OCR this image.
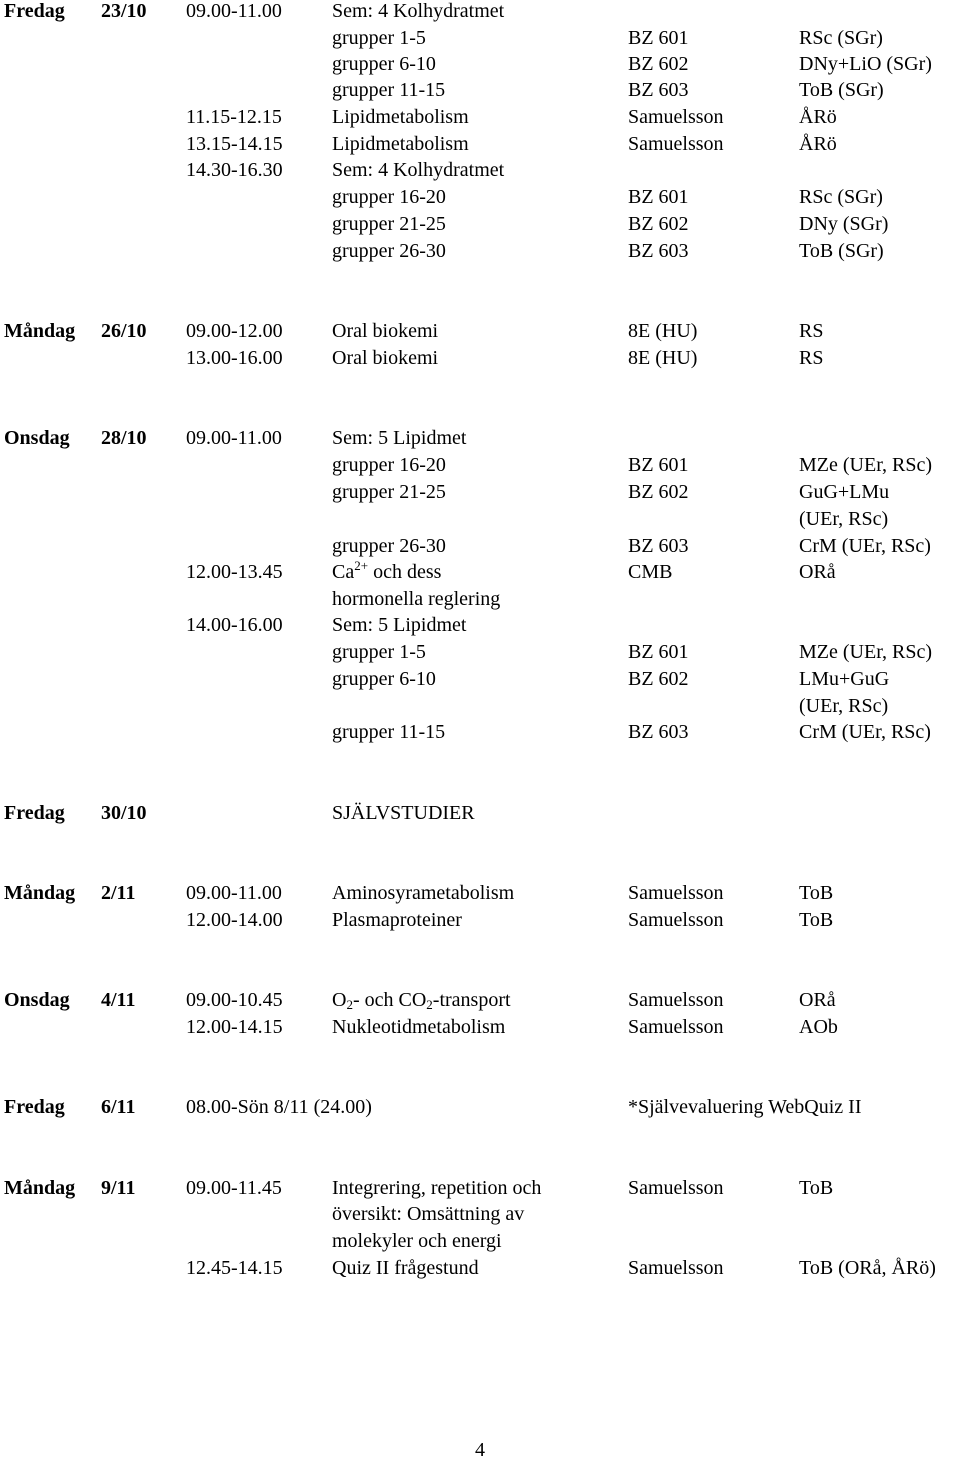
Fredag 23/10 09.00-11.00	Sem: 4 Kolhydratmet
grupper 1-5	BZ 601	RSc (SGr)
grupper 6-10	BZ 602	DNy+LiO (SGr)
grupper 11-15	BZ 603	ToB (SGr)
11.15-12.15	Lipidmetabolism	Samuelsson	ÅRö
13.15-14.15 Lipidmetabolism	Samuelsson	ÅRö
14.30-16.30 Sem: 4 Kolhydratmet
grupper 16-20	BZ 601	RSc (SGr)
grupper 21-25	BZ 602	DNy (SGr)
grupper 26-30	BZ 603	ToB (SGr)
Måndag 26/10 09.00-12.00 Oral biokemi	8E (HU)	RS
13.00-16.00 Oral biokemi	8E (HU)	RS
Onsdag 28/10 09.00-11.00	Sem: 5 Lipidmet
grupper 16-20	BZ 601	MZe (UEr, RSc)
grupper 21-25	BZ 602	GuG+LMu
(UEr, RSc)
grupper 26-30	BZ 603	CrM (UEr, RSc)
12.00-13.45 $Ca^{2+}$ och dess	CMB	ORå
hormonella reglering
14.00-16.00 Sem: 5 Lipidmet
grupper 1-5	BZ 601	MZe (UEr, RSc)
grupper 6-10	BZ 602	LMu+GuG
(UEr, RSc)
grupper 11-15	BZ 603	CrM (UEr, RSc)
Fredag 30/10	SJÄLVSTUDIER
Måndag 2/11	09.00-11.00	Aminosyrametabolism	Samuelsson	ToB
12.00-14.00 Plasmaproteiner	Samuelsson	ToB
Onsdag 4/11	09.00-10.45 $O_2-$ och $CO_2$-transport	Samuelsson	ORå
12.00-14.15 Nukleotidmetabolism	Samuelsson	AOb
Fredag 6/11	08.00-Sön 8/11 (24.00)	*Självevaluering WebQuiz II
Måndag 9/11	09.00-11.45	Integrering, repetition och	Samuelsson	ToB
översikt: Omsättning av
molekyler och energi
12.45-14.15 Quiz II frågestund	Samuelsson	ToB (ORå, ÅRö)
4
